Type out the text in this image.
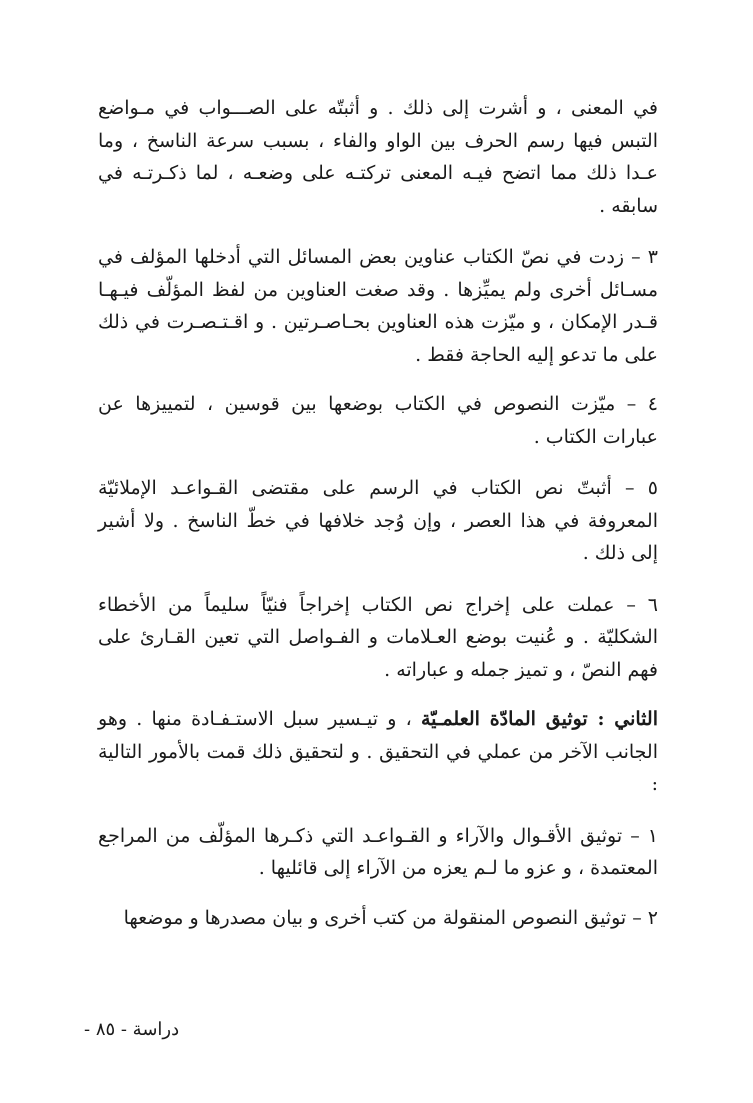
في المعنى ، و أشرت إلى ذلك . و أثبتّه على الصـــواب في مـواضع التبس فيها رسم الحرف بين الواو والفاء ، بسبب سرعة الناسخ ، وما عـدا ذلك مما اتضح فيـه المعنى تركتـه على وضعـه ، لما ذكـرتـه في سابقه .

٣ – زدت في نصّ الكتاب عناوين بعض المسائل التي أدخلها المؤلف في مسـائل أخرى ولم يميِّزها . وقد صغت العناوين من لفظ المؤلّف فيـهـا قـدر الإمكان ، و ميّزت هذه العناوين بحـاصـرتين . و اقـتـصـرت في ذلك على ما تدعو إليه الحاجة فقط .

٤ – ميّزت النصوص في الكتاب بوضعها بين قوسين ، لتمييزها عن عبارات الكتاب .

٥ – أثبتّ نص الكتاب في الرسم على مقتضى القـواعـد الإملائيّة المعروفة في هذا العصر ، وإن وُجد خلافها في خطّ الناسخ . ولا أشير إلى ذلك .

٦ – عملت على إخراج نص الكتاب إخراجاً فنيّاً سليماً من الأخطاء الشكليّة . و عُنيت بوضع العـلامات و الفـواصل التي تعين القـارئ على فهم النصّ ، و تميز جمله و عباراته .

الثاني : توثيق المادّة العلمـيّة ، و تيـسير سبل الاستـفـادة منها . وهو الجانب الآخر من عملي في التحقيق . و لتحقيق ذلك قمت بالأمور التالية :

١ – توثيق الأقـوال والآراء و القـواعـد التي ذكـرها المؤلّف من المراجع المعتمدة ، و عزو ما لـم يعزه من الآراء إلى قائليها .

٢ – توثيق النصوص المنقولة من كتب أخرى و بيان مصدرها و موضعها

دراسة - ٨٥ -
